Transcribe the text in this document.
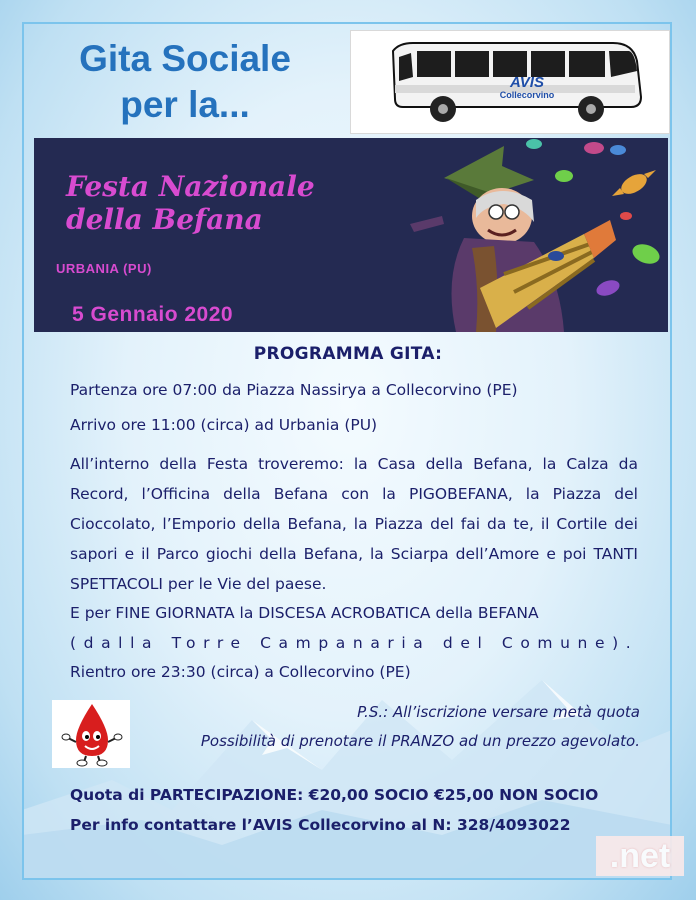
Gita Sociale
per la...
AVIS
Collecorvino
Festa Nazionale
della Befana
URBANIA (PU)
5 Gennaio 2020
PROGRAMMA GITA:

Partenza ore 07:00 da Piazza Nassirya a Collecorvino (PE)

Arrivo ore 11:00 (circa) ad Urbania (PU)

All’interno della Festa troveremo: la Casa della Befana, la Calza da Record, l’Officina della Befana con la PIGOBEFANA, la Piazza del Cioccolato, l’Emporio della Befana, la Piazza del fai da te, il Cortile dei sapori e il Parco giochi della Befana, la Sciarpa dell’Amore e poi TANTI SPETTACOLI per le Vie del paese.

E per FINE GIORNATA la DISCESA ACROBATICA della BEFANA

(dalla Torre Campanaria del Comune).

Rientro ore 23:30 (circa) a Collecorvino (PE)

P.S.: All’iscrizione versare metà quota

Possibilità di prenotare il PRANZO ad un prezzo agevolato.

Quota di PARTECIPAZIONE: €20,00 SOCIO €25,00 NON SOCIO

Per info contattare l’AVIS Collecorvino al N: 328/4093022

.net
